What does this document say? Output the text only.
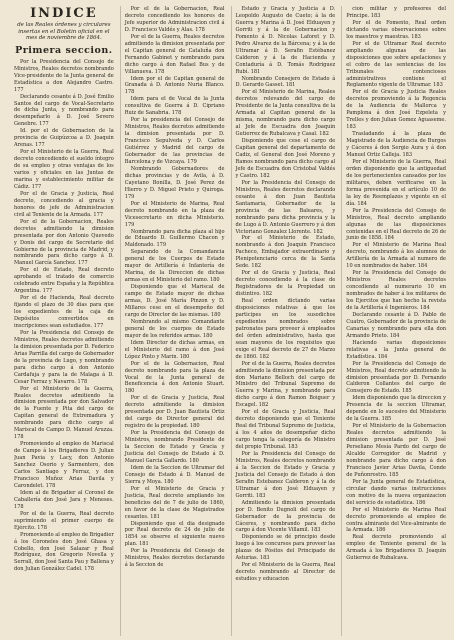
INDICE
de las Reales órdenes y circulares insertas en el Boletin oficial en el mes de noviembre de 1864.
Primera seccion.

Por la Presidencia del Consejo de Ministros, Reales decretos nombrando Vice-presidente de la Junta general de Estadística a don Alejandro Castro. 177

Declarando cesante á D. José Emilio Santos del cargo de Vocal-Secretario de dicha Junta, y nombrando para desempeñarlo á D. José Severo Genebre. 177

Id. por el de Gobernacion de la provincia de Guipúzcoa a D. Joaquin Arenas. 177

Por el Ministerio de la Guerra, Real decreto concediendo el sueldo íntegro de su empleo y otras ventajas de los varios y oficiales en las Juntas de marina y establecimiento militar de Cádiz. 177

Por el de Gracia y Justicia, Real decreto, concediendo al gracia y honores de jefe de Administracion civil al Teniente de la Armada. 177

Por el de la Gobernacion, Reales decretos admitiendo la dimision presentada por don Antonio Quevedo y Donis del cargo de Secretario del Gobierno de la provincia de Madrid, y nombrando para dicho cargo á D. Manuel García Sanchez. 177

Por el de Estado, Real decreto aprobando el tratado de comercio celebrado entre España y la República Argentina. 177

Por el de Hacienda, Real decreto fijando el plazo de 30 dias para que los expedientes de la caja de Depósitos convertidos en inscripciones sean estudiados. 177

Por la Presidencia del Consejo de Ministros, Reales decretos admitiendo la dimision presentada por D. Federico Arias Parrilla del cargo de Gobernador de la provincia de Lugo, y nombrando para dicho cargo á don Antonio Cardafuja y para la de Malaga á D. Cesar Ferraz y Navarro. 178

Por el Ministerio de la Guerra, Reales decretos admitiendo la dimision presentada por don Salvador de la Fuente y Pita del cargo de Capitan general de Extremadura y nombrando para dicho cargo al Mariscal de Campo D. Manuel Aruzza. 178

Promoviendo al empleo de Mariscal de Campo á los Brigadieres D. Julian Juan Pavia y Lacy, don Antonio Sanchez Osorio y Sarmentero, don Carlos Santiago y Ferraz, y don Francisco Muñoz Arias Davila y Carondelet. 178

Idem al de Brigadier al Coronel de Caballería don José Jara y Meneses. 178

Por el de la Guerra, Real decreto suprimiendo el primer cuerpo de Ejército. 178

Promoviendo al empleo de Brigadier á los Coroneles don José Ghasa y Cobello, don José Salazar y Real Rodríguez, don Gregorio Novella y Serrall, don José Santa Pau y Ballena y don Julian González Cadel. 178

Por el de la Gobernacion, Real decreto concediendo los honores de Jefe superior de Administracion civil á D. Francisco Valdés y Alas. 178

Por el de la Guerra, Reales decretos admitiendo la dimision presentada por el Capitan general de Cataluña don Fernando Gabinet y nombrando para dicho cargo á don Rafael Bus y de Villanueva. 178

Idem por el de Capitan general de Granada á D. Antonio Nuria Blanco. 178

Idem para el de Vocal de la Junta consultiva de Guerra á D. Cipriano Ruiz de Sanabria. 178

Por la presidencia del Consejo de Ministros, Reales decretos admitiendo la dimision presentada por D. Francisco Sepulveda y D. Carlos Gutiérrez y Madrid del cargo de Gobernador de las provincias de Barcelona y de Vizcaya. 179

Nombrando Gobernadores de dichas provincias y de Avila, á D. Cayetano Bonilla, D. José Perez de Hierro y D. Miguel Prieto y Quiroga. 179

Por el Ministerio de Marina, Real decreto nombrando en la plaza de Vicesecretario en dicha Ministerio. 179

Nombrando para dicha plaza al hijo de Eduardo D. Guillermo Chacon y Maldonado. 179

Separando de la Comandancia general de los Cuerpos de Estado mayor de Artillería é Infantería de Marina, de la Direccion de dichas armas en el Ministerio del ramo. 180

Disponiendo que el Mariscal de campo de Estado mayor de dichas armas, D. José María Pinzon y D. Millares cese en el desempeño del cargo de Director de las mismas. 180

Nombrando al mismo Comandante general de los cuerpos de Estado mayor de los referidos armas. 180

Idem Director de dichas armas, en el Ministerio del ramo á don José López Pinto y Marin. 180

Por el de la Gobernacion, Real decreto nombrando para la plaza de Vocal de la Junta general de Beneficencia á don Antonio Stuart. 180

Por el de Gracia y Justicia, Real decreto admitiendo la dimision presentada por D. Juan Bautista Ortiz del cargo de Director general del registro de la propiedad. 180

Por la Presidencia del Consejo de Ministros, nombrando Presidente de la Seccion de Estado y Gracia y Justicia del Consejo de Estado á D. Manuel Garcia Gallardo. 180

Idem de la Seccion de Ultramar del Consejo de Estado á D. Manuel de Sierra y Moya. 180

Por el Ministerio de Gracia y Justicia, Real decreto ampliando los beneficios del de 7 de julio de 1860, en favor de la clase de Magistrados cesantes. 181

Disponiendo que el dia designado por Real decreto de 24 de julio de 1854 se observe el siguiente nuevo plan. 181

Por la Presidencia del Consejo de Ministros, Reales decretos declarando á la Seccion de

Estado y Gracia y Justicia á D. Leopoldo Augusto de Cueto; á la de Guerra y Marina á D. José Elduayen y Gorriti y á la de Gobernacion y Fomento á D. Nicolas Laforet y D. Pedro Alvarez de la Bárcena; y á la de Ultramar á D. Serafin Estébanez Calderon y á la de Hacienda y Contaduría á D. Tomás Rodriguez Rubí. 181

Nombrando Consejero de Estado á D. Gerardo Gasset. 181

Por el Ministerio de Marina, Reales decretos relevando del cargo de Presidente de la Junta consultiva de la Armada al Capitan general de la misma, nombrando para dicho cargo al Jefe de Escuadra don Joaquin Gutierrez de Rubalcava y Casal. 182

Disponiendo que cese el cargo de Capitan general del departamento de Cadiz, el General don José Moreno y Ramos nombrando para dicho cargo al Jefe de Escuadra don Cristobal Valdés y Castro. 182

Por la Presidencia del Consejo de Ministros, Reales decretos declarando cesante á don Juan Bautista Santamaria, Gobernador de la provincia de las Baleares, y nombrando para dicha provincia y la de Lugo á D. Antonio Guerrero y á don Victoriano Gonzalez Llorente. 182

Por el Ministerio de Estado, nombrando á don Joaquin Francisco Pacheco, Embajador extraordinario y Plenipotenciario cerca de la Santa Sede. 182

Por el de Gracia y Justicia, Real decreto concediendo á la clase de Registradores de la Propiedad un distintivo. 182

Real orden dictando varias disposiciones relativas á que los participes en los susodichos expedientes nombrados sobre patronatos para proveer á empleados del órden administrativo, hasta que sean mayores de los requisitos que exige el Real decreto de 27 de Marzo de 1860. 182

Por el de la Guerra, Reales decretos admitiendo la dimision presentada por don Mariano Belloch del cargo de Ministro del Tribunal Supremo de Guerra y Marina, y nombrando para dicho cargo á don Ramon Boiguer y Escagel. 182

Por el de Gracia y Justicia, Real decreto disponiendo que el Teniente Real del Tribunal Supremo de Justicia, á los 4 años de desempeñar dicho cargo tenga la categoría de Ministro del propio Tribunal. 183

Por la Presidencia del Consejo de Ministros, Reales decretos nombrando á la Seccion de Estado y Gracia y Justicia del Consejo de Estado á don Serafin Estebanez Calderon y á la de Ultramar á don José Elduayen y Gorriti. 183

Admitiendo la dimision presentada por D. Benito Dugnoli del cargo de Gobernador de la provincia de Cáceres, y nombrando para dicho cargo á don Vicente Villamil. 183

Disponiendo se dé principio desde luego á los concursos para proveer las plazas de Pósitos del Principado de Asturias. 183

Por el Ministerio de la Guerra, Real decreto nombrando al Director de estudios y educacion

cion militar y profesores del Principe. 183

Por el de Fomento, Real orden dictando varias observaciones sobre los maestros y maestras. 183

Por el de Ultramar Real decreto ampliando algunas de las disposiciones que sobre apelaciones y el cobro de las sentencias de los Tribunales contenciosos administrativos contiene el Reglamento vigente de Ultramar. 183

Por el de Gracia y Justicia Reales decretos promoviendo á la Regencia de la Audiencia de Mallorca y Pamplona á don José Ezpeleta y Trelles y don Julian Gomez Aguaseme. 183

Trasladando á la plaza de Magistrado de la Audiencia de Burgos y Cáceres á don Sergio Aura y á don Manuel Ortiz Calleja. 183

Por el Ministerio de la Guerra, Real orden disponiendo que la antiguedad de los pertenecientes cansados por los militares, deben verificarse en la forma prevenida en el artículo 10 de la ley de Reemplazos y vigente en el día. 184

Por la Presidencia del Consejo de Ministros, Real decreto ampliando algunas de las disposiciones contenidas en el Real decreto de 26 de junio de 1858. 184

Por el Ministerio de Marina Real decreto, nombrando á los alumnos de Artillería de la Armada al numero de 10 en nombrados de haber. 184

Por la Presidencia del Consejo de Ministros Reales decretos concediendo al numerario 10 en nombrados de haber á los militares de los Ejercitos que han hecho la revista de la Artillería é Ingenieros. 184

Declarando cesante á D. Pablo de Cuatro, Gobernador de la provincia de Canarias y nombrando para ella don Armando Prieto. 184

Haciendo varias disposiciones relativas a la Junta general de Estadística. 184

Por la Presidencia del Consejo de Ministros, Real decreto admitiendo la dimision presentada por D. Fernando Calderon Collantes del cargo de Consejero de Estado. 185

Idem disponiendo que la direccion y Presencia de la seccion Ultramar, depende en lo sucesivo del Ministerio de la Guerra. 185

Por el Ministerio de la Gobernacion Reales decretos admitiendo la dimision presentada por D. José Perseliano Mesía Pardo del cargo de Alcalde Corregidor de Madrid y nombrando para dicho cargo á don Francisco Javier Arias Davila, Conde de Puñonrostro. 185

Por la Junta general de Estadística, circular dando varias instrucciones con motivo de la nueva organizacion del servicio de estadística. 186

Por el Ministerio de Marina Real decreto promoviendo al empleo de contra almirante del Vice-almirante de la Armada. 186

Real decreto promoviendo al empleo de Teniente general de la Armada á los Brigadieres D. Joaquin Gutierrez de Rubalcava.
